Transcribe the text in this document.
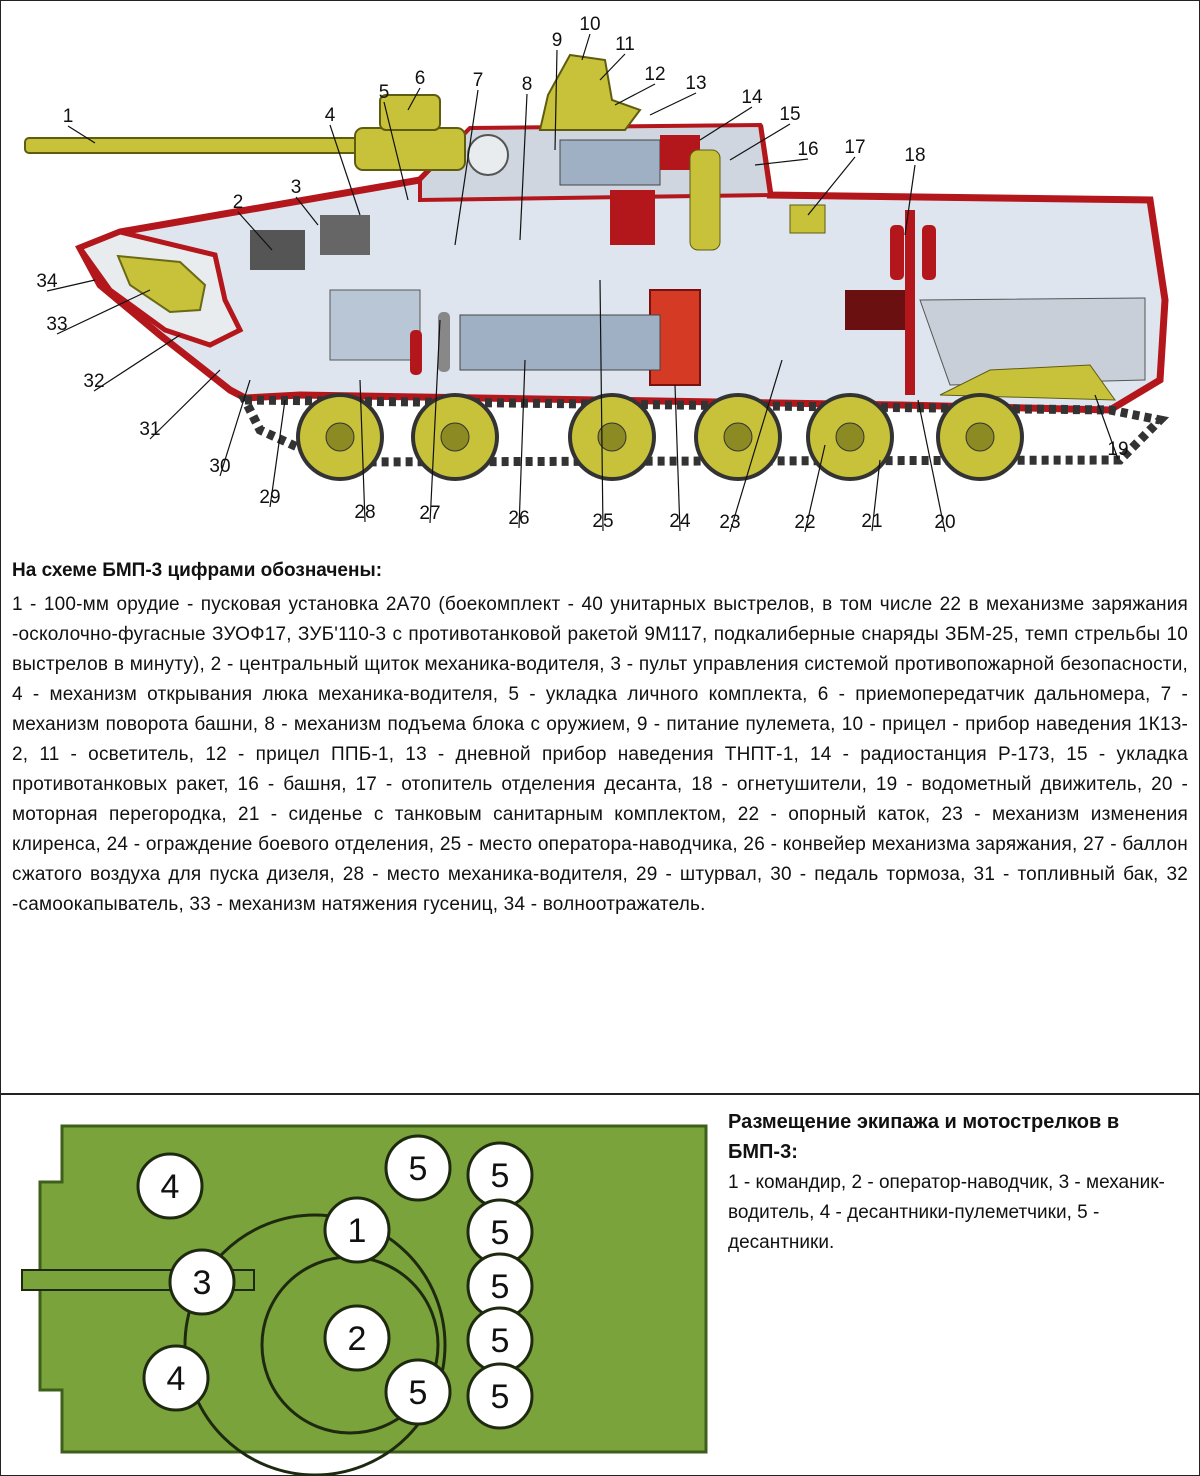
1
2
3
4
5
6 7 8
9
10
11
12 13
14
15
16 17 18
19
20
21
22
23
24
25
26
27
28
29
30
31
32
33
34
На схеме БМП-3 цифрами обозначены:

1 - 100-мм орудие - пусковая установка 2А70 (боекомплект - 40 унитарных выстрелов, в том числе 22 в механизме заряжания -осколочно-фугасные ЗУОФ17, ЗУБ'110-3 с противотанковой ракетой 9М117, подкалиберные снаряды ЗБМ-25, темп стрельбы 10 выстрелов в минуту), 2 - центральный щиток механика-водителя, 3 - пульт управления системой противопожарной безопасности, 4 - механизм открывания люка механика-водителя, 5 - укладка личного комплекта, 6 - приемопередатчик дальномера, 7 - механизм поворота башни, 8 - механизм подъема блока с оружием, 9 - питание пулемета, 10 - прицел - прибор наведения 1К13-2, 11 - осветитель, 12 - прицел ППБ-1, 13 - дневной прибор наведения ТНПТ-1, 14 - радиостанция Р-173, 15 - укладка противотанковых ракет, 16 - башня, 17 - отопитель отделения десанта, 18 - огнетушители, 19 - водометный движитель, 20 - моторная перегородка, 21 - сиденье с танковым санитарным комплектом, 22 - опорный каток, 23 - механизм изменения клиренса, 24 - ограждение боевого отделения, 25 - место оператора-наводчика, 26 - конвейер механизма заряжания, 27 - баллон сжатого воздуха для пуска дизеля, 28 - место механика-водителя, 29 - штурвал, 30 - педаль тормоза, 31 - топливный бак, 32 -самоокапыватель, 33 - механизм натяжения гусениц, 34 - волноотражатель.

1
2
3
4
4
5 5
5
5
5
5 5
Размещение экипажа и мотострелков в БМП-3:

1 - командир, 2 - оператор-наводчик, 3 - механик-водитель, 4 - десантники-пулеметчики, 5 - десантники.
